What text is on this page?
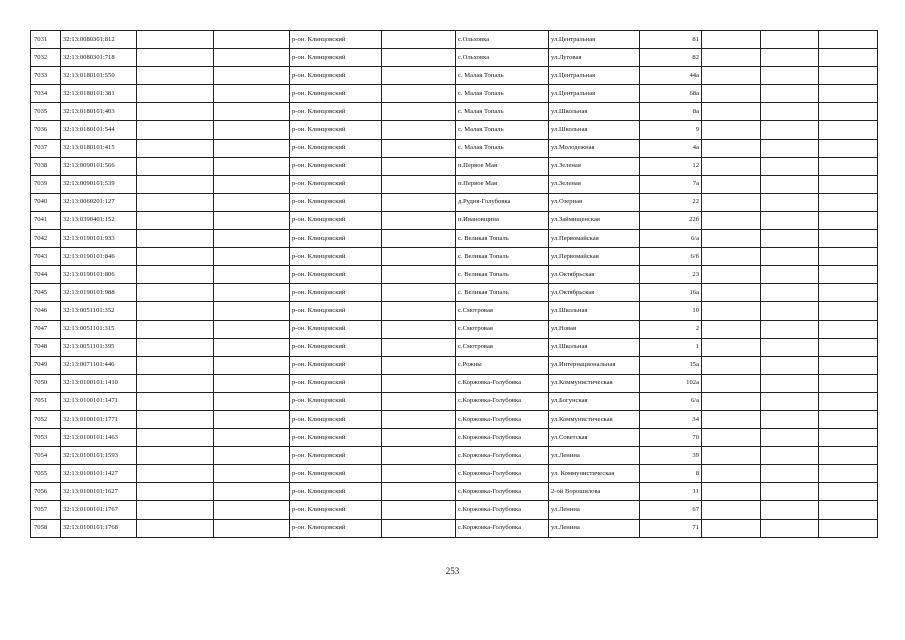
7031	32:13:0080301:812			р-он. Клинцовский		с.Ольховка	ул.Центральная	81			
7032	32:13:0080301:718			р-он. Клинцовский		с.Ольховка	ул.Луговая	82			
7033	32:13:0180101:550			р-он. Клинцовский		с. Малая Топаль	ул.Центральная	44а			
7034	32:13:0180101:381			р-он. Клинцовский		с. Малая Топаль	ул.Центральная	68а			
7035	32:13:0180101:403			р-он. Клинцовский		с. Малая Топаль	ул.Школьная	8а			
7036	32:13:0180101:544			р-он. Клинцовский		с. Малая Топаль	ул.Школьная	9			
7037	32:13:0180101:415			р-он. Клинцовский		с. Малая Топаль	ул.Молодежная	4а			
7038	32:13:0090101:566			р-он. Клинцовский		п.Первое Мая	ул.Зеленая	12			
7039	32:13:0090101:539			р-он. Клинцовский		п.Первое Мая	ул.Зеленая	7а			
7040	32:13:0060201:127			р-он. Клинцовский		д.Рудня-Голубовка	ул.Озерная	22			
7041	32:13:0390401:152			р-он. Клинцовский		п.Ивановщина	ул.Займищенская	22б			
7042	32:13:0190101:933			р-он. Клинцовский		с. Великая Топаль	ул.Первомайская	6/а			
7043	32:13:0190101:846			р-он. Клинцовский		с. Великая Топаль	ул.Первомайская	6/б			
7044	32:13:0190101:806			р-он. Клинцовский		с. Великая Топаль	ул.Октябрьская	23			
7045	32:13:0190101:988			р-он. Клинцовский		с. Великая Топаль	ул.Октябрьская	16а			
7046	32:13:0051101:352			р-он. Клинцовский		с.Смотровая	ул.Школьная	10			
7047	32:13:0051101:315			р-он. Клинцовский		с.Смотровая	ул.Новая	2			
7048	32:13:0051101:395			р-он. Клинцовский		с.Смотровая	ул.Школьная	1			
7049	32:13:0071101:446			р-он. Клинцовский		с.Рожны	ул.Интернациональная	15а			
7050	32:13:0100101:1410			р-он. Клинцовский		с.Коржовка-Голубовка	ул.Коммунистическая	102а			
7051	32:13:0100101:1471			р-он. Клинцовский		с.Коржовка-Голубовка	ул.Богунская	6/а			
7052	32:13:0100101:1771			р-он. Клинцовский		с.Коржовка-Голубовка	ул.Коммунистическая	34			
7053	32:13:0100101:1463			р-он. Клинцовский		с.Коржовка-Голубовка	ул.Советская	70			
7054	32:13:0100101:1593			р-он. Клинцовский		с.Коржовка-Голубовка	ул.Ленина	39			
7055	32:13:0100101:1427			р-он. Клинцовский		с.Коржовка-Голубовка	ул. Коммунистическая	8			
7056	32:13:0100101:1627			р-он. Клинцовский		с.Коржовка-Голубовка	2-ой Ворошилова	11			
7057	32:13:0100101:1767			р-он. Клинцовский		с.Коржовка-Голубовка	ул.Ленина	67			
7058	32:13:0100101:1768			р-он. Клинцовский		с.Коржовка-Голубовка	ул.Ленина	71			
253
